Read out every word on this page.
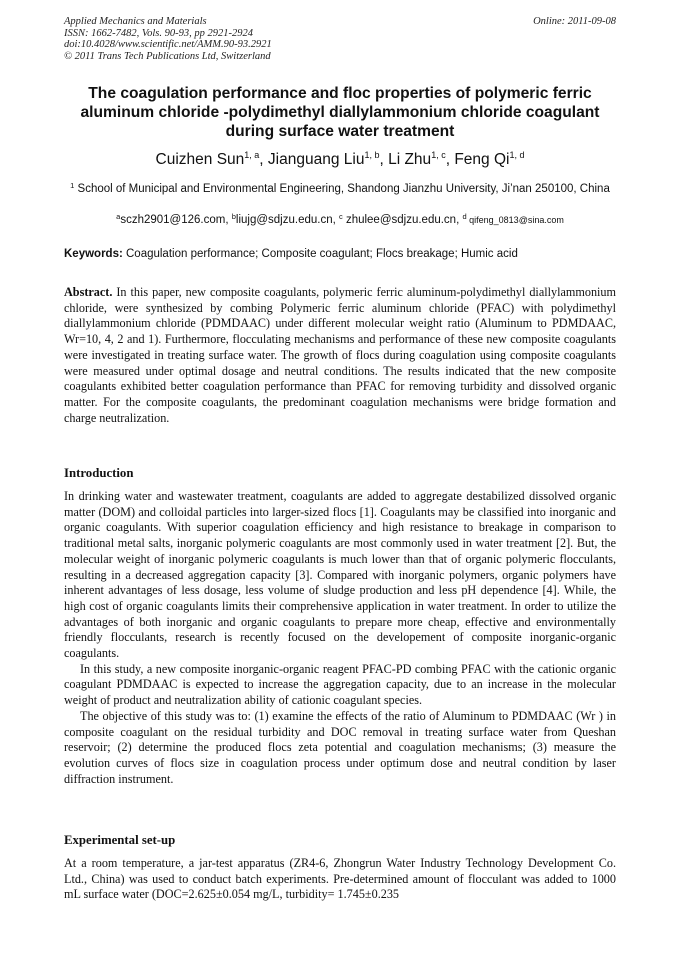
Applied Mechanics and Materials
ISSN: 1662-7482, Vols. 90-93, pp 2921-2924
doi:10.4028/www.scientific.net/AMM.90-93.2921
© 2011 Trans Tech Publications Ltd, Switzerland
Online: 2011-09-08
The coagulation performance and floc properties of polymeric ferric aluminum chloride -polydimethyl diallylammonium chloride coagulant during surface water treatment
Cuizhen Sun$^{1, a}$, Jianguang Liu$^{1, b}$, Li Zhu$^{1, c}$, Feng Qi$^{1, d}$
$^1$ School of Municipal and Environmental Engineering, Shandong Jianzhu University, Ji’nan 250100, China
$^a$sczh2901@126.com, $^b$liujg@sdjzu.edu.cn, $^c$ zhulee@sdjzu.edu.cn, $^d$ qifeng_0813@sina.com
Keywords: Coagulation performance; Composite coagulant; Flocs breakage; Humic acid
Abstract. In this paper, new composite coagulants, polymeric ferric aluminum-polydimethyl diallylammonium chloride, were synthesized by combing Polymeric ferric aluminum chloride (PFAC) with polydimethyl diallylammonium chloride (PDMDAAC) under different molecular weight ratio (Aluminum to PDMDAAC, Wr=10, 4, 2 and 1). Furthermore, flocculating mechanisms and performance of these new composite coagulants were investigated in treating surface water. The growth of flocs during coagulation using composite coagulants were measured under optimal dosage and neutral conditions. The results indicated that the new composite coagulants exhibited better coagulation performance than PFAC for removing turbidity and dissolved organic matter. For the composite coagulants, the predominant coagulation mechanisms were bridge formation and charge neutralization.
Introduction

In drinking water and wastewater treatment, coagulants are added to aggregate destabilized dissolved organic matter (DOM) and colloidal particles into larger-sized flocs [1]. Coagulants may be classified into inorganic and organic coagulants. With superior coagulation efficiency and high resistance to breakage in comparison to traditional metal salts, inorganic polymeric coagulants are most commonly used in water treatment [2]. But, the molecular weight of inorganic polymeric coagulants is much lower than that of organic polymeric flocculants, resulting in a decreased aggregation capacity [3]. Compared with inorganic polymers, organic polymers have inherent advantages of less dosage, less volume of sludge production and less pH dependence [4]. While, the high cost of organic coagulants limits their comprehensive application in water treatment. In order to utilize the advantages of both inorganic and organic coagulants to prepare more cheap, effective and environmentally friendly flocculants, research is recently focused on the developement of composite inorganic-organic coagulants.

In this study, a new composite inorganic-organic reagent PFAC-PD combing PFAC with the cationic organic coagulant PDMDAAC is expected to increase the aggregation capacity, due to an increase in the molecular weight of product and neutralization ability of cationic coagulant species.

The objective of this study was to: (1) examine the effects of the ratio of Aluminum to PDMDAAC (Wr ) in composite coagulant on the residual turbidity and DOC removal in treating surface water from Queshan reservoir; (2) determine the produced flocs zeta potential and coagulation mechanisms; (3) measure the evolution curves of flocs size in coagulation process under optimum dose and neutral condition by laser diffraction instrument.

Experimental set-up

At a room temperature, a jar-test apparatus (ZR4-6, Zhongrun Water Industry Technology Development Co. Ltd., China) was used to conduct batch experiments. Pre-determined amount of flocculant was added to 1000 mL surface water (DOC=2.625±0.054 mg/L, turbidity= 1.745±0.235
